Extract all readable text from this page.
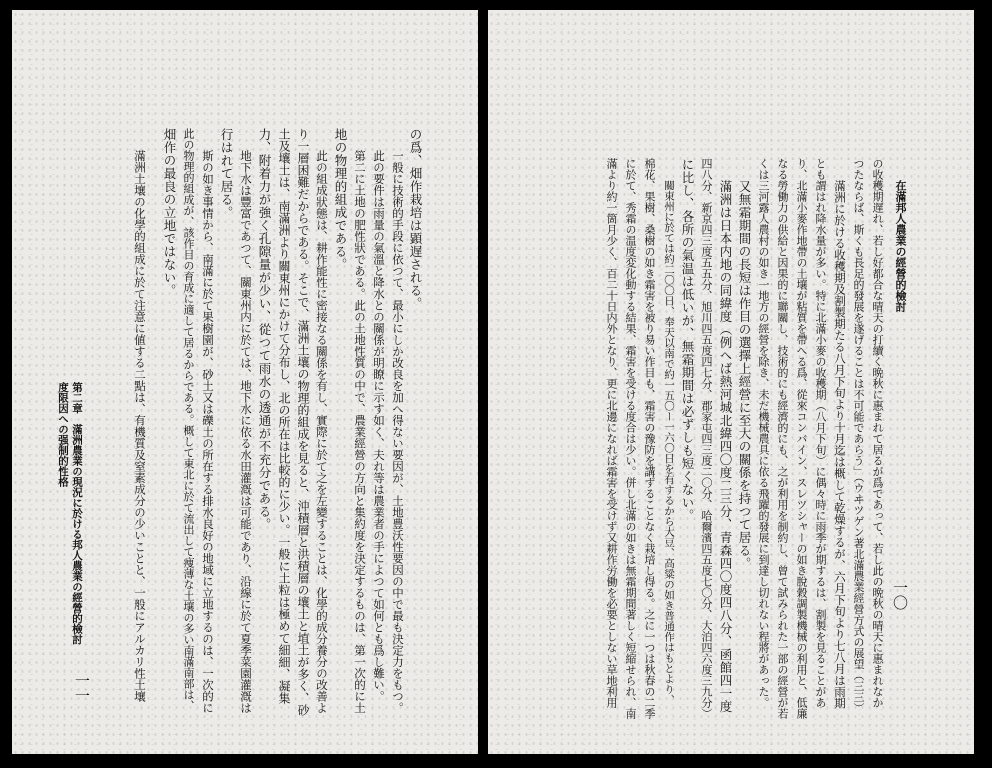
第二章　滿洲農業の現況に於ける邦人農業の經營的檢討
度限因への强制的性格
一一
の爲、畑作栽培は顕遅される。
一般に技術的手段に依つて、最小にしか改良を加へ得ない要因が、土地豊沃性要因の中で最も決定力をもつ。
此の要件は雨量の氣溫と降水との關係が明瞭に示す如く、夫れ等は農業者の手によつて如何とも爲し難い。
第二に土地の肥性狀である。此の土地性質の中で、農業經營の方向と集約度を決定するものは、第一次的に土
地の物理的組成である。
此の組成狀態は、耕作能性に密接なる關係を有し、實際に於て之を左變することは、化學的成分養分の改善よ
り一層困難だからである。そこで、滿洲土壤の物理的組成を見ると、沖積層と洪積層の壤土と埴土が多く、砂
土及壤土は、南滿洲より關東州にかけて分布し、北の所在は比較的に少い。一般に土粒は極めて細細、凝集
力、附着力が強く孔隙量が少い、從つて雨水の透通が不充分である。
地下水は豐富であつて、關東州内に於ては、地下水に依る水田灌漑は可能であり、沿線に於て夏季菜園灌漑は
行はれて居る。
斯の如き事情から、南滿に於て果樹園が、砂土又は礫土の所在する排水良好の地域に立地するのは、一次的に
此の物理的組成が、該作目の育成に適して居るからである。概して東北に於て流出して痩薄な土壤の多い南滿南部は、
畑作の最良の立地ではない。
滿洲土壤の化學的組成に於て注意に値する二點は、有機質及窒素成分の少いことと、一般にアルカリ性土壤	在滿邦人農業の經營的檢討
一〇
の收穫期遅れ、若し好都合な晴天の打續く晩秋に惠まれて居るが爲であって、若し此の晩秋の晴天に惠まれなか
つたならば、斯くも長足的發展を遂げることは不可能であらう」（ウヰツゲン著北滿農業經營方式の展望（三三）
滿洲に於ける收穫期及割製期たる八月下旬より十月迄は概して乾燥するが、六月下旬より七八月は雨期
とも謂はれ降水量が多い。特に北滿小麥の收穫期（八月下旬）に偶々時に雨季が期するは、割製を見ることがあ
り、北滿小麥作地帶の土壤が粘質を帶へる爲、從來コンバイン、スレツシャーの如き脫穀調製機械の利用と、低廉
なる勞働力の供給と因果的に聯關し、技術的にも經濟的にも、之が利用を制約し、曾て試みられた一部の經營が若
くは三河露人農村の如き一地方の經營を除き、未だ機械農具に依る飛躍的發展に到達し切れない程將があった。
又無霜期間の長短は作目の選擇上經營に至大の關係を持つて居る。
滿洲は日本内地の同緯度（例へば熱河城北緯四〇度二三分、青森四〇度四八分、函館四一度
四八分、新京四三度五五分、旭川四五度四七分、郡家屯四三度二〇分、哈爾濱四五度七〇分、大泊四六度三九分）
に比し、各所の氣温は低いが、無霜期間は必ずしも短くない。
關東州に於ては約二〇〇日、奉天以南で約一五〇ー一六〇日を有するから大豆、高粱の如き普通作はもとより、
棉花、果樹、桑樹の如き霜害を被り易い作目も、霜害の豫防を講ずることなく栽培し得る。之に一つは秋春の二季
に於て、秀霜の温度変化動する結果、霜害を受ける度合は少い。併し北滿の如きは無霜期間著しく短縮せられ、南
滿より約一箇月少く、百二十日内外となり、更に北邊になれば霜害を受けず又耕作労働を必要としない草地利用
